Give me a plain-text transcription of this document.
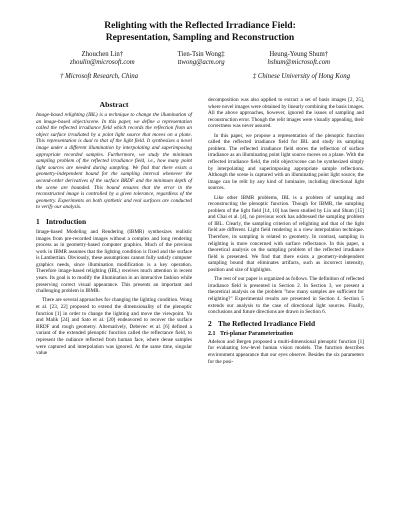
Relighting with the Reflected Irradiance Field:
Representation, Sampling and Reconstruction
Zhouchen Lin†
zhoulin@microsoft.com
Tien-Tsin Wong‡
ttwong@acm.org
Heung-Yeung Shum†
hshum@microsoft.com
† Microsoft Research, China	‡ Chinese University of Hong Kong
Abstract

Image-based relighting (IBL) is a technique to change the illumination of an image-based object/scene. In this paper, we define a representation called the reflected irradiance field which records the reflection from an object surface irradiated by a point light source that moves on a plane. This representation is dual to that of the light field. It synthesizes a novel image under a different illumination by interpolating and superimposing appropriate recorded samples. Furthermore, we study the minimum sampling problem of the reflected irradiance field, i.e., how many point light sources are needed during sampling. We find that there exists a geometry-independent bound for the sampling interval whenever the second-order derivatives of the surface BRDF and the minimum depth of the scene are bounded. This bound ensures that the error in the reconstructed image is controlled by a given tolerance, regardless of the geometry. Experiments on both synthetic and real surfaces are conducted to verify our analysis.

1 Introduction

Image-based Modeling and Rendering (IBMR) synthesizes realistic images from pre-recorded images without a complex and long rendering process as in geometry-based computer graphics. Much of the previous work in IBMR assumes that the lighting condition is fixed and the surface is Lambertian. Obviously, these assumptions cannot fully satisfy computer graphics needs, since illumination modification is a key operation. Therefore image-based relighting (IBL) receives much attention in recent years. Its goal is to modify the illumination in an interactive fashion while preserving correct visual appearance. This presents an important and challenging problem in IBMR.

There are several approaches for changing the lighting condition. Wong et al. [23, 22] proposed to extend the dimensionality of the plenoptic function [1] in order to change the lighting and move the viewpoint. Yu and Malik [24] and Sato et al. [20] endeavored to recover the surface BRDF and rough geometry. Alternatively, Debevec et al. [6] defined a variant of the extended plenoptic function called the reflectance field, to represent the radiance reflected from human face, where dense samples were captured and interpolation was ignored. At the same time, singular value

decomposition was also applied to extract a set of basis images [2, 25], where novel images were obtained by linearly combining the basis images. All the above approaches, however, ignored the issues of sampling and reconstruction error. Though the relit images were visually appealing, their correctness was never assured.

In this paper, we propose a representation of the plenoptic function called the reflected irradiance field for IBL and study its sampling problem. The reflected irradiance field stores the reflection of surface irradiance as an illuminating point light source moves on a plane. With the reflected irradiance field, the relit object/scene can be synthesized simply by interpolating and superimposing appropriate sample reflections. Although the scene is captured with an illuminating point light source, the image can be relit by any kind of luminaire, including directional light sources.

Like other IBMR problems, IBL is a problem of sampling and reconstructing the plenoptic function. Though for IBMR, the sampling problem of the light field [14, 10] has been studied by Lin and Shum [15] and Chai et al. [4], no previous work has addressed the sampling problem of IBL. Clearly, the sampling criterion of relighting and that of the light field are different. Light field rendering is a view interpolation technique. Therefore, its sampling is related to geometry. In contrast, sampling in relighting is more concerned with surface reflectance. In this paper, a theoretical analysis on the sampling problem of the reflected irradiance field is presented. We find that there exists a geometry-independent sampling bound that eliminates artifacts, such as incorrect intensity, position and size of highlights.

The rest of our paper is organized as follows. The definition of reflected irradiance field is presented in Section 2. In Section 3, we present a theoretical analysis on the problem "how many samples are sufficient for relighting?" Experimental results are presented in Section 4. Section 5 extends our analysis to the case of directional light sources. Finally, conclusions and future directions are drawn in Section 6.

2 The Reflected Irradiance Field
2.1 Tri-planar Parameterization

Adelson and Bergen proposed a multi-dimensional plenoptic function [1] for evaluating low-level human vision models. The function describes environment appearance that our eyes observe. Besides the six parameters for the posi-
